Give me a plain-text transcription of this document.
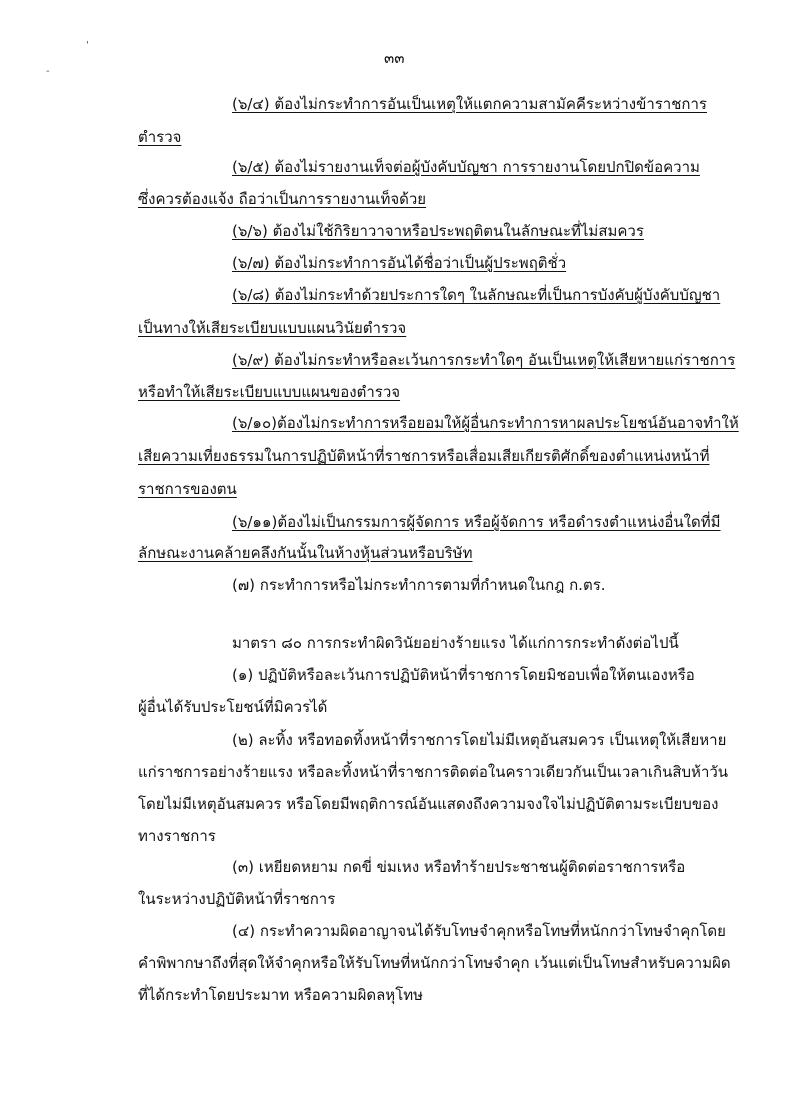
'
-
๓๓
(๖/๔) ต้องไม่กระทำการอันเป็นเหตุให้แตกความสามัคคีระหว่างข้าราชการ
ตำรวจ
(๖/๕) ต้องไม่รายงานเท็จต่อผู้บังคับบัญชา การรายงานโดยปกปิดข้อความ
ซึ่งควรต้องแจ้ง ถือว่าเป็นการรายงานเท็จด้วย
(๖/๖) ต้องไม่ใช้กิริยาวาจาหรือประพฤติตนในลักษณะที่ไม่สมควร
(๖/๗) ต้องไม่กระทำการอันได้ชื่อว่าเป็นผู้ประพฤติชั่ว
(๖/๘) ต้องไม่กระทำด้วยประการใดๆ ในลักษณะที่เป็นการบังคับผู้บังคับบัญชา
เป็นทางให้เสียระเบียบแบบแผนวินัยตำรวจ
(๖/๙) ต้องไม่กระทำหรือละเว้นการกระทำใดๆ อันเป็นเหตุให้เสียหายแก่ราชการ
หรือทำให้เสียระเบียบแบบแผนของตำรวจ
(๖/๑๐)ต้องไม่กระทำการหรือยอมให้ผู้อื่นกระทำการหาผลประโยชน์อันอาจทำให้
เสียความเที่ยงธรรมในการปฏิบัติหน้าที่ราชการหรือเสื่อมเสียเกียรติศักดิ์ของตำแหน่งหน้าที่
ราชการของตน
(๖/๑๑)ต้องไม่เป็นกรรมการผู้จัดการ หรือผู้จัดการ หรือดำรงตำแหน่งอื่นใดที่มี
ลักษณะงานคล้ายคลึงกันนั้นในห้างหุ้นส่วนหรือบริษัท
(๗) กระทำการหรือไม่กระทำการตามที่กำหนดในกฎ ก.ตร.
มาตรา ๘๐ การกระทำผิดวินัยอย่างร้ายแรง ได้แก่การกระทำดังต่อไปนี้
(๑) ปฏิบัติหรือละเว้นการปฏิบัติหน้าที่ราชการโดยมิชอบเพื่อให้ตนเองหรือ
ผู้อื่นได้รับประโยชน์ที่มิควรได้
(๒) ละทิ้ง หรือทอดทิ้งหน้าที่ราชการโดยไม่มีเหตุอันสมควร เป็นเหตุให้เสียหาย
แก่ราชการอย่างร้ายแรง หรือละทิ้งหน้าที่ราชการติดต่อในคราวเดียวกันเป็นเวลาเกินสิบห้าวัน
โดยไม่มีเหตุอันสมควร หรือโดยมีพฤติการณ์อันแสดงถึงความจงใจไม่ปฏิบัติตามระเบียบของ
ทางราชการ
(๓) เหยียดหยาม กดขี่ ข่มเหง หรือทำร้ายประชาชนผู้ติดต่อราชการหรือ
ในระหว่างปฏิบัติหน้าที่ราชการ
(๔) กระทำความผิดอาญาจนได้รับโทษจำคุกหรือโทษที่หนักกว่าโทษจำคุกโดย
คำพิพากษาถึงที่สุดให้จำคุกหรือให้รับโทษที่หนักกว่าโทษจำคุก เว้นแต่เป็นโทษสำหรับความผิด
ที่ได้กระทำโดยประมาท หรือความผิดลหุโทษ
